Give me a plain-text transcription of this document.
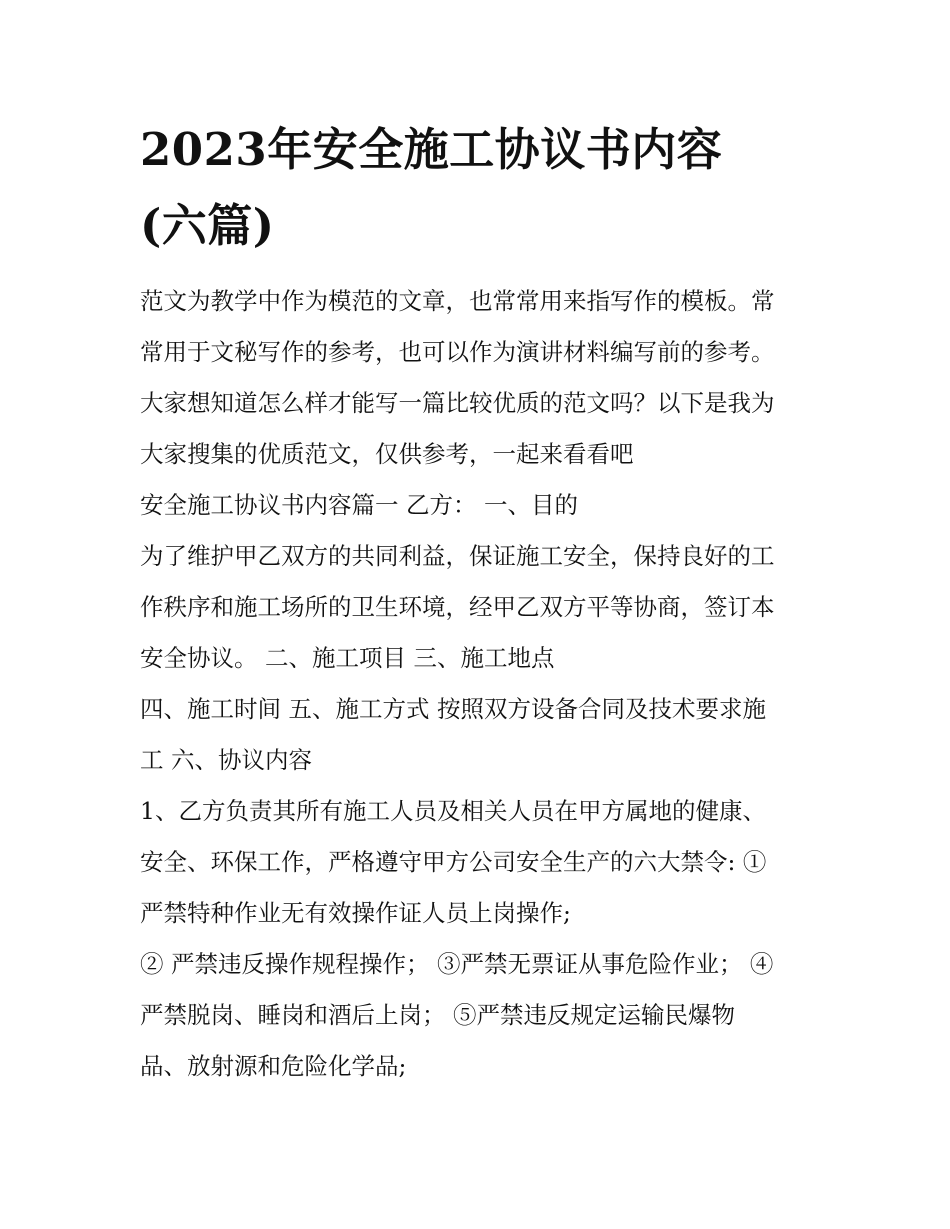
2023年安全施工协议书内容
(六篇)
范文为教学中作为模范的文章，也常常用来指写作的模板。常
常用于文秘写作的参考，也可以作为演讲材料编写前的参考。
大家想知道怎么样才能写一篇比较优质的范文吗？以下是我为
大家搜集的优质范文，仅供参考，一起来看看吧
安全施工协议书内容篇一 乙方： 一、目的
为了维护甲乙双方的共同利益，保证施工安全，保持良好的工
作秩序和施工场所的卫生环境，经甲乙双方平等协商，签订本
安全协议。 二、施工项目 三、施工地点
四、施工时间 五、施工方式 按照双方设备合同及技术要求施
工 六、协议内容
1、乙方负责其所有施工人员及相关人员在甲方属地的健康、
安全、环保工作，严格遵守甲方公司安全生产的六大禁令: ①
严禁特种作业无有效操作证人员上岗操作;
② 严禁违反操作规程操作； ③严禁无票证从事危险作业； ④
严禁脱岗、睡岗和酒后上岗； ⑤严禁违反规定运输民爆物
品、放射源和危险化学品;
